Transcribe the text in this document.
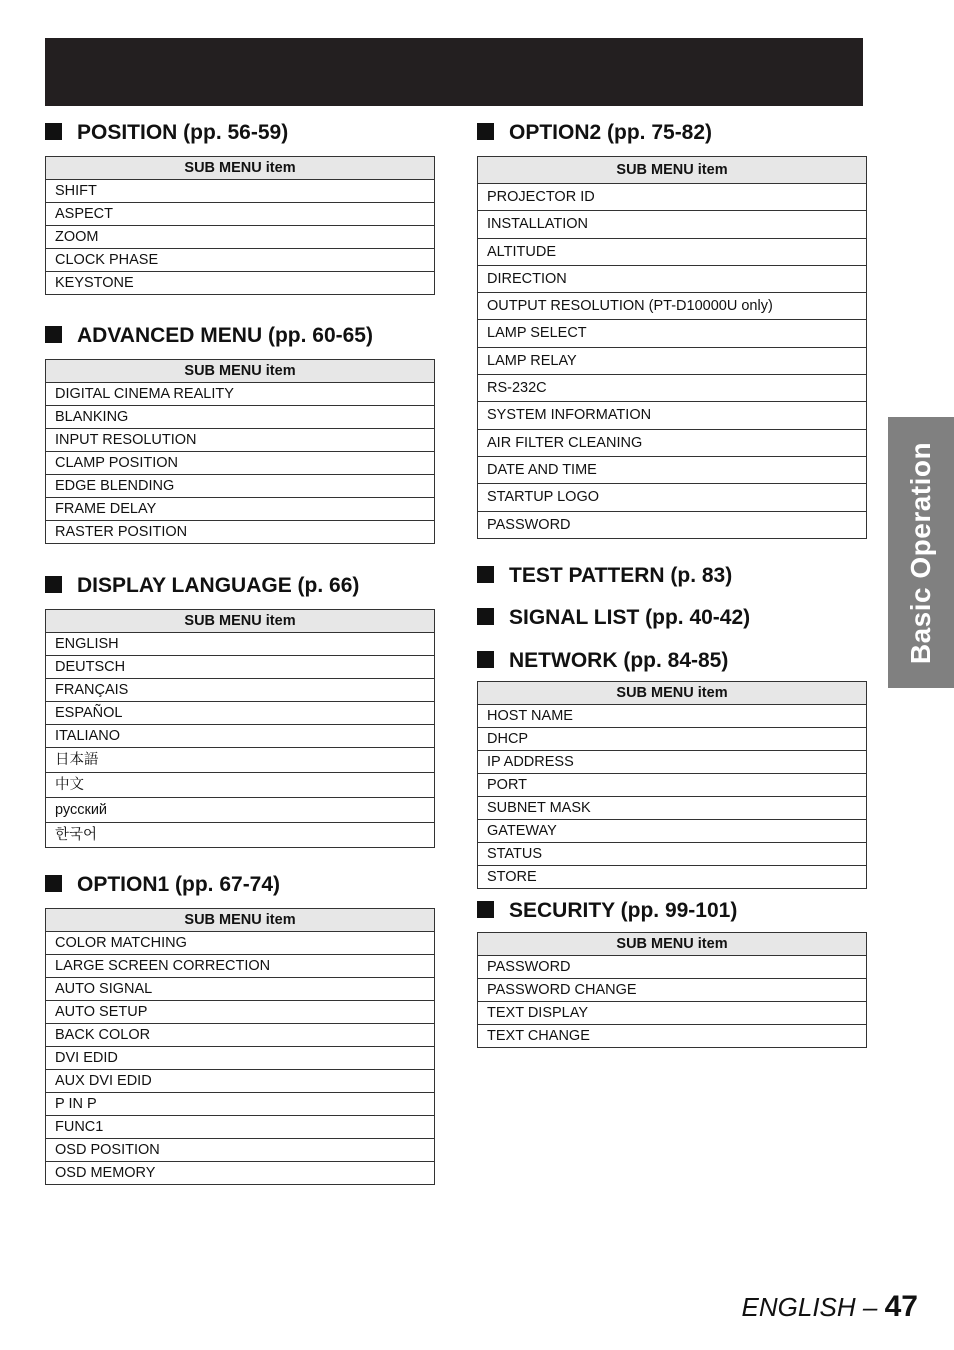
POSITION (pp. 56-59)
SUB MENU item
SHIFT
ASPECT
ZOOM
CLOCK PHASE
KEYSTONE
ADVANCED MENU (pp. 60-65)
SUB MENU item
DIGITAL CINEMA REALITY
BLANKING
INPUT RESOLUTION
CLAMP POSITION
EDGE BLENDING
FRAME DELAY
RASTER POSITION
DISPLAY LANGUAGE (p. 66)
SUB MENU item
ENGLISH
DEUTSCH
FRANÇAIS
ESPAÑOL
ITALIANO
日本語
中文
русский
한국어
OPTION1 (pp. 67-74)
SUB MENU item
COLOR MATCHING
LARGE SCREEN CORRECTION
AUTO SIGNAL
AUTO SETUP
BACK COLOR
DVI EDID
AUX DVI EDID
P IN P
FUNC1
OSD POSITION
OSD MEMORY
OPTION2 (pp. 75-82)
SUB MENU item
PROJECTOR ID
INSTALLATION
ALTITUDE
DIRECTION
OUTPUT RESOLUTION (PT-D10000U only)
LAMP SELECT
LAMP RELAY
RS-232C
SYSTEM INFORMATION
AIR FILTER CLEANING
DATE AND TIME
STARTUP LOGO
PASSWORD
TEST PATTERN (p. 83)
SIGNAL LIST (pp. 40-42)
NETWORK (pp. 84-85)
SUB MENU item
HOST NAME
DHCP
IP ADDRESS
PORT
SUBNET MASK
GATEWAY
STATUS
STORE
SECURITY (pp. 99-101)
SUB MENU item
PASSWORD
PASSWORD CHANGE
TEXT DISPLAY
TEXT CHANGE
Basic Operation
ENGLISH – 47
